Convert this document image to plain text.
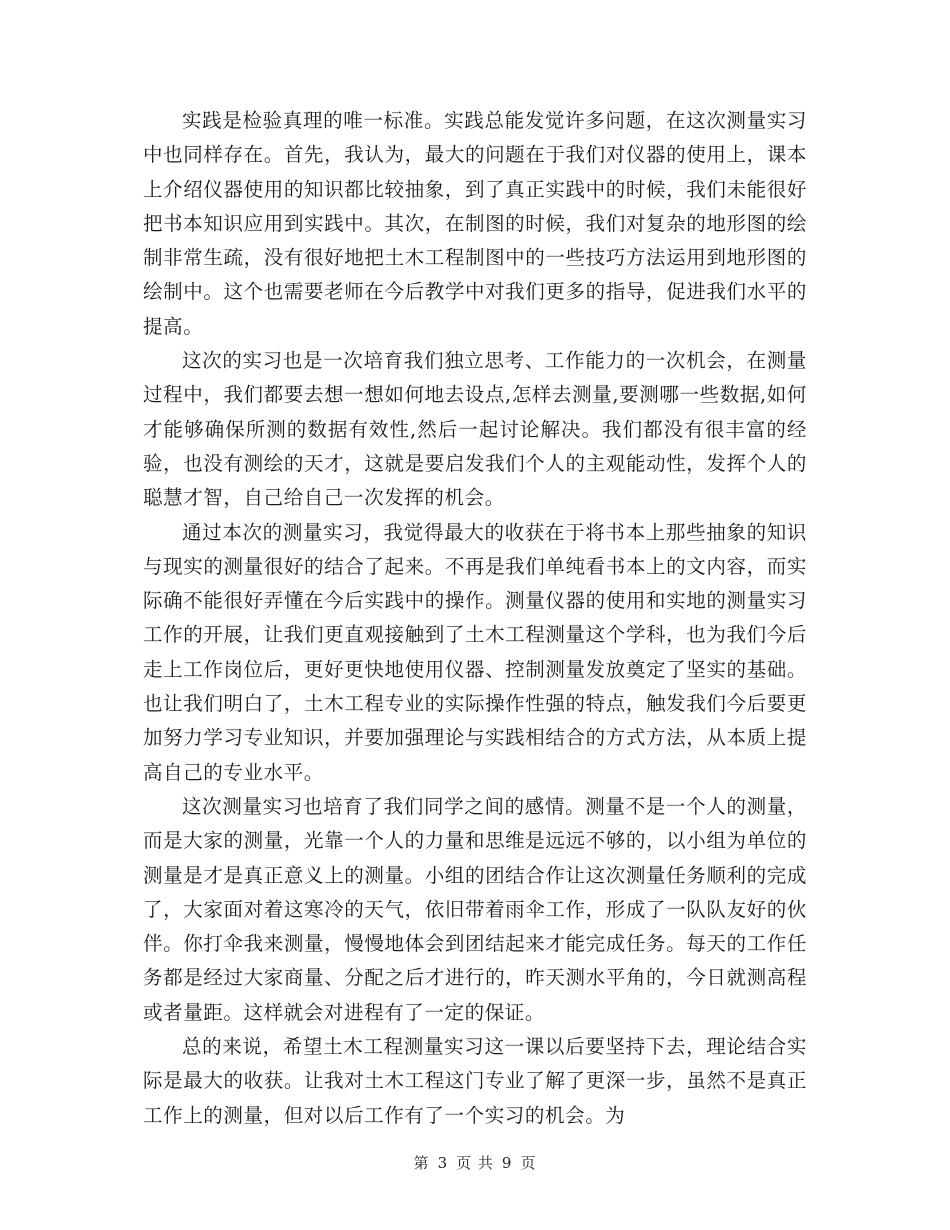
实践是检验真理的唯一标准。实践总能发觉许多问题，在这次测量实习中也同样存在。首先，我认为，最大的问题在于我们对仪器的使用上，课本上介绍仪器使用的知识都比较抽象，到了真正实践中的时候，我们未能很好把书本知识应用到实践中。其次，在制图的时候，我们对复杂的地形图的绘制非常生疏，没有很好地把土木工程制图中的一些技巧方法运用到地形图的绘制中。这个也需要老师在今后教学中对我们更多的指导，促进我们水平的提高。

这次的实习也是一次培育我们独立思考、工作能力的一次机会，在测量过程中，我们都要去想一想如何地去设点,怎样去测量,要测哪一些数据,如何才能够确保所测的数据有效性,然后一起讨论解决。我们都没有很丰富的经验，也没有测绘的天才，这就是要启发我们个人的主观能动性，发挥个人的聪慧才智，自己给自己一次发挥的机会。

通过本次的测量实习，我觉得最大的收获在于将书本上那些抽象的知识与现实的测量很好的结合了起来。不再是我们单纯看书本上的文内容，而实际确不能很好弄懂在今后实践中的操作。测量仪器的使用和实地的测量实习工作的开展，让我们更直观接触到了土木工程测量这个学科，也为我们今后走上工作岗位后，更好更快地使用仪器、控制测量发放奠定了坚实的基础。也让我们明白了，土木工程专业的实际操作性强的特点，触发我们今后要更加努力学习专业知识，并要加强理论与实践相结合的方式方法，从本质上提高自己的专业水平。

这次测量实习也培育了我们同学之间的感情。测量不是一个人的测量，而是大家的测量，光靠一个人的力量和思维是远远不够的，以小组为单位的测量是才是真正意义上的测量。小组的团结合作让这次测量任务顺利的完成了，大家面对着这寒冷的天气，依旧带着雨伞工作，形成了一队队友好的伙伴。你打伞我来测量，慢慢地体会到团结起来才能完成任务。每天的工作任务都是经过大家商量、分配之后才进行的，昨天测水平角的，今日就测高程或者量距。这样就会对进程有了一定的保证。

总的来说，希望土木工程测量实习这一课以后要坚持下去，理论结合实际是最大的收获。让我对土木工程这门专业了解了更深一步，虽然不是真正工作上的测量，但对以后工作有了一个实习的机会。为

第 3 页 共 9 页
